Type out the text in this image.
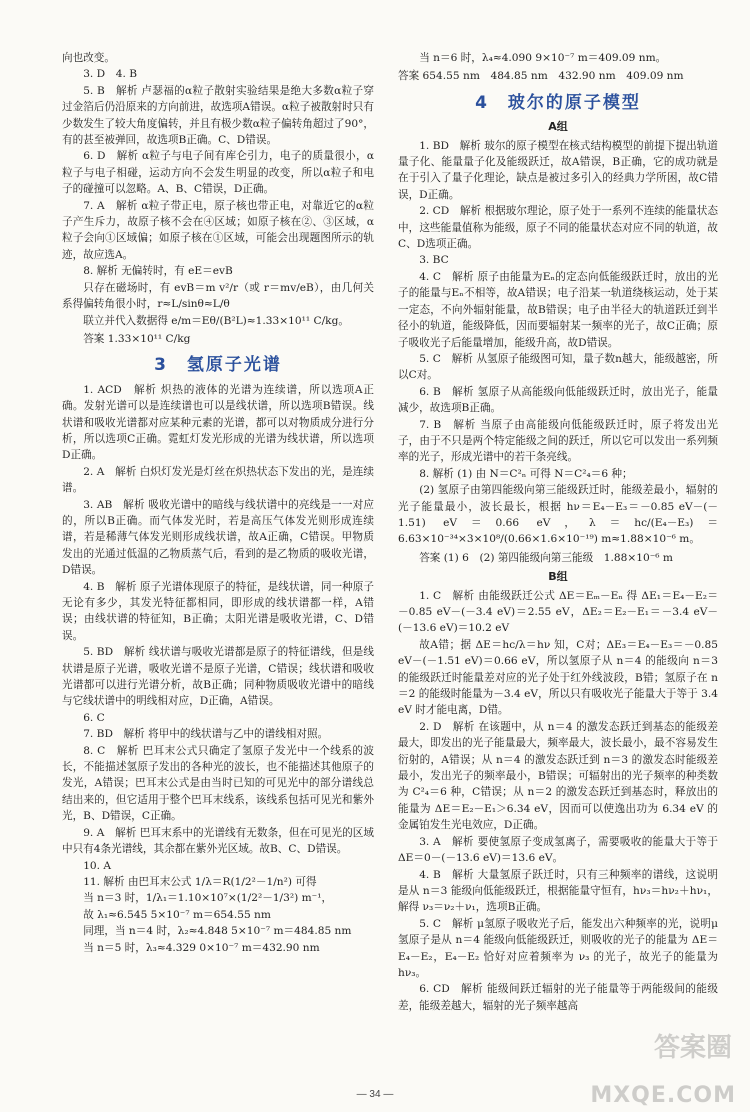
向也改变。

3. D　4. B

5. B　解析 卢瑟福的α粒子散射实验结果是绝大多数α粒子穿过金箔后仍沿原来的方向前进，故选项A错误。α粒子被散射时只有少数发生了较大角度偏转，并且有极少数α粒子偏转角超过了90°，有的甚至被弹回，故选项B正确。C、D错误。

6. D　解析 α粒子与电子间有库仑引力，电子的质量很小，α粒子与电子相碰，运动方向不会发生明显的改变，所以α粒子和电子的碰撞可以忽略。A、B、C错误，D正确。

7. A　解析 α粒子带正电，原子核也带正电，对靠近它的α粒子产生斥力，故原子核不会在④区域；如原子核在②、③区域，α粒子会向①区域偏；如原子核在①区域，可能会出现题图所示的轨迹，故应选A。

8. 解析 无偏转时，有 eE＝evB

只存在磁场时，有 evB＝m v²/r（或 r＝mv/eB），由几何关系得偏转角很小时，r≈L/sinθ≈L/θ

联立并代入数据得 e/m＝Eθ/(B²L)≈1.33×10¹¹ C/kg。

答案 1.33×10¹¹ C/kg

3　氢原子光谱

1. ACD　解析 炽热的液体的光谱为连续谱，所以选项A正确。发射光谱可以是连续谱也可以是线状谱，所以选项B错误。线状谱和吸收光谱都对应某种元素的光谱，都可以对物质成分进行分析，所以选项C正确。霓虹灯发光形成的光谱为线状谱，所以选项D正确。

2. A　解析 白炽灯发光是灯丝在炽热状态下发出的光，是连续谱。

3. AB　解析 吸收光谱中的暗线与线状谱中的亮线是一一对应的，所以B正确。而气体发光时，若是高压气体发光则形成连续谱，若是稀薄气体发光则形成线状谱，故A正确，C错误。甲物质发出的光通过低温的乙物质蒸气后，看到的是乙物质的吸收光谱，D错误。

4. B　解析 原子光谱体现原子的特征，是线状谱，同一种原子无论有多少，其发光特征都相同，即形成的线状谱都一样，A错误；由线状谱的特征知，B正确；太阳光谱是吸收光谱，C、D错误。

5. BD　解析 线状谱与吸收光谱都是原子的特征谱线，但是线状谱是原子光谱，吸收光谱不是原子光谱，C错误；线状谱和吸收光谱都可以进行光谱分析，故B正确；同种物质吸收光谱中的暗线与它线状谱中的明线相对应，D正确，A错误。

6. C

7. BD　解析 将甲中的线状谱与乙中的谱线相对照。

8. C　解析 巴耳末公式只确定了氢原子发光中一个线系的波长，不能描述氢原子发出的各种光的波长，也不能描述其他原子的发光，A错误；巴耳末公式是由当时已知的可见光中的部分谱线总结出来的，但它适用于整个巴耳末线系，该线系包括可见光和紫外光，B、D错误，C正确。

9. A　解析 巴耳末系中的光谱线有无数条，但在可见光的区域中只有4条光谱线，其余都在紫外光区域。故B、C、D错误。

10. A

11. 解析 由巴耳末公式 1/λ＝R(1/2²－1/n²) 可得

当 n＝3 时，1/λ₁＝1.10×10⁷×(1/2²－1/3²) m⁻¹，

故 λ₁≈6.545 5×10⁻⁷ m＝654.55 nm

同理，当 n＝4 时，λ₂≈4.848 5×10⁻⁷ m＝484.85 nm

当 n＝5 时，λ₃≈4.329 0×10⁻⁷ m＝432.90 nm

当 n＝6 时，λ₄≈4.090 9×10⁻⁷ m＝409.09 nm。

答案 654.55 nm　484.85 nm　432.90 nm　409.09 nm

4　玻尔的原子模型
A组

1. BD　解析 玻尔的原子模型在核式结构模型的前提下提出轨道量子化、能量量子化及能级跃迁，故A错误，B正确，它的成功就是在于引入了量子化理论，缺点是被过多引入的经典力学所困，故C错误，D正确。

2. CD　解析 根据玻尔理论，原子处于一系列不连续的能量状态中，这些能量值称为能级，原子不同的能量状态对应不同的轨道，故C、D选项正确。

3. BC

4. C　解析 原子由能量为Eₙ的定态向低能级跃迁时，放出的光子的能量与Eₙ不相等，故A错误；电子沿某一轨道绕核运动，处于某一定态，不向外辐射能量，故B错误；电子由半径大的轨道跃迁到半径小的轨道，能级降低，因而要辐射某一频率的光子，故C正确；原子吸收光子后能量增加，能级升高，故D错误。

5. C　解析 从氢原子能级图可知，量子数n越大，能级越密，所以C对。

6. B　解析 氢原子从高能级向低能级跃迁时，放出光子，能量减少，故选项B正确。

7. B　解析 当原子由高能级向低能级跃迁时，原子将发出光子，由于不只是两个特定能级之间的跃迁，所以它可以发出一系列频率的光子，形成光谱中的若干条亮线。

8. 解析 (1) 由 N＝C²ₙ 可得 N＝C²₄＝6 种；

(2) 氢原子由第四能级向第三能级跃迁时，能级差最小，辐射的光子能量最小，波长最长，根据 hν＝E₄－E₃＝－0.85 eV－(－1.51) eV＝0.66 eV，λ＝hc/(E₄－E₃)＝6.63×10⁻³⁴×3×10⁸/(0.66×1.6×10⁻¹⁹) m≈1.88×10⁻⁶ m。

答案 (1) 6　(2) 第四能级向第三能级　1.88×10⁻⁶ m

B组

1. C　解析 由能级跃迁公式 ΔE＝Eₘ－Eₙ 得 ΔE₁＝E₄－E₂＝－0.85 eV－(－3.4 eV)＝2.55 eV，ΔE₂＝E₂－E₁＝－3.4 eV－(－13.6 eV)＝10.2 eV

故A错；据 ΔE＝hc/λ＝hν 知，C对；ΔE₃＝E₄－E₃＝－0.85 eV－(－1.51 eV)＝0.66 eV，所以氢原子从 n＝4 的能级向 n＝3 的能级跃迁时能量差对应的光子处于红外线波段，B错；氢原子在 n＝2 的能级时能量为－3.4 eV，所以只有吸收光子能量大于等于 3.4 eV 时才能电离，D错。

2. D　解析 在该题中，从 n＝4 的激发态跃迁到基态的能级差最大，即发出的光子能量最大，频率最大，波长最小，最不容易发生衍射的，A错误；从 n＝4 的激发态跃迁到 n＝3 的激发态时能级差最小，发出光子的频率最小，B错误；可辐射出的光子频率的种类数为 C²₄＝6 种，C错误；从 n＝2 的激发态跃迁到基态时，释放出的能量为 ΔE＝E₂－E₁＞6.34 eV，因而可以使逸出功为 6.34 eV 的金属铂发生光电效应，D正确。

3. A　解析 要使氢原子变成氢离子，需要吸收的能量大于等于 ΔE＝0－(－13.6 eV)＝13.6 eV。

4. B　解析 大量氢原子跃迁时，只有三种频率的谱线，这说明是从 n＝3 能级向低能级跃迁，根据能量守恒有，hν₃＝hν₂＋hν₁，解得 ν₃＝ν₂＋ν₁，选项B正确。

5. C　解析 μ氢原子吸收光子后，能发出六种频率的光，说明μ氢原子是从 n＝4 能级向低能级跃迁，则吸收的光子的能量为 ΔE＝E₄－E₂，E₄－E₂ 恰好对应着频率为 ν₃ 的光子，故光子的能量为 hν₃。

6. CD　解析 能级间跃迁辐射的光子能量等于两能级间的能级差，能级差越大，辐射的光子频率越高

— 34 —
答案圈
MXQE.COM
